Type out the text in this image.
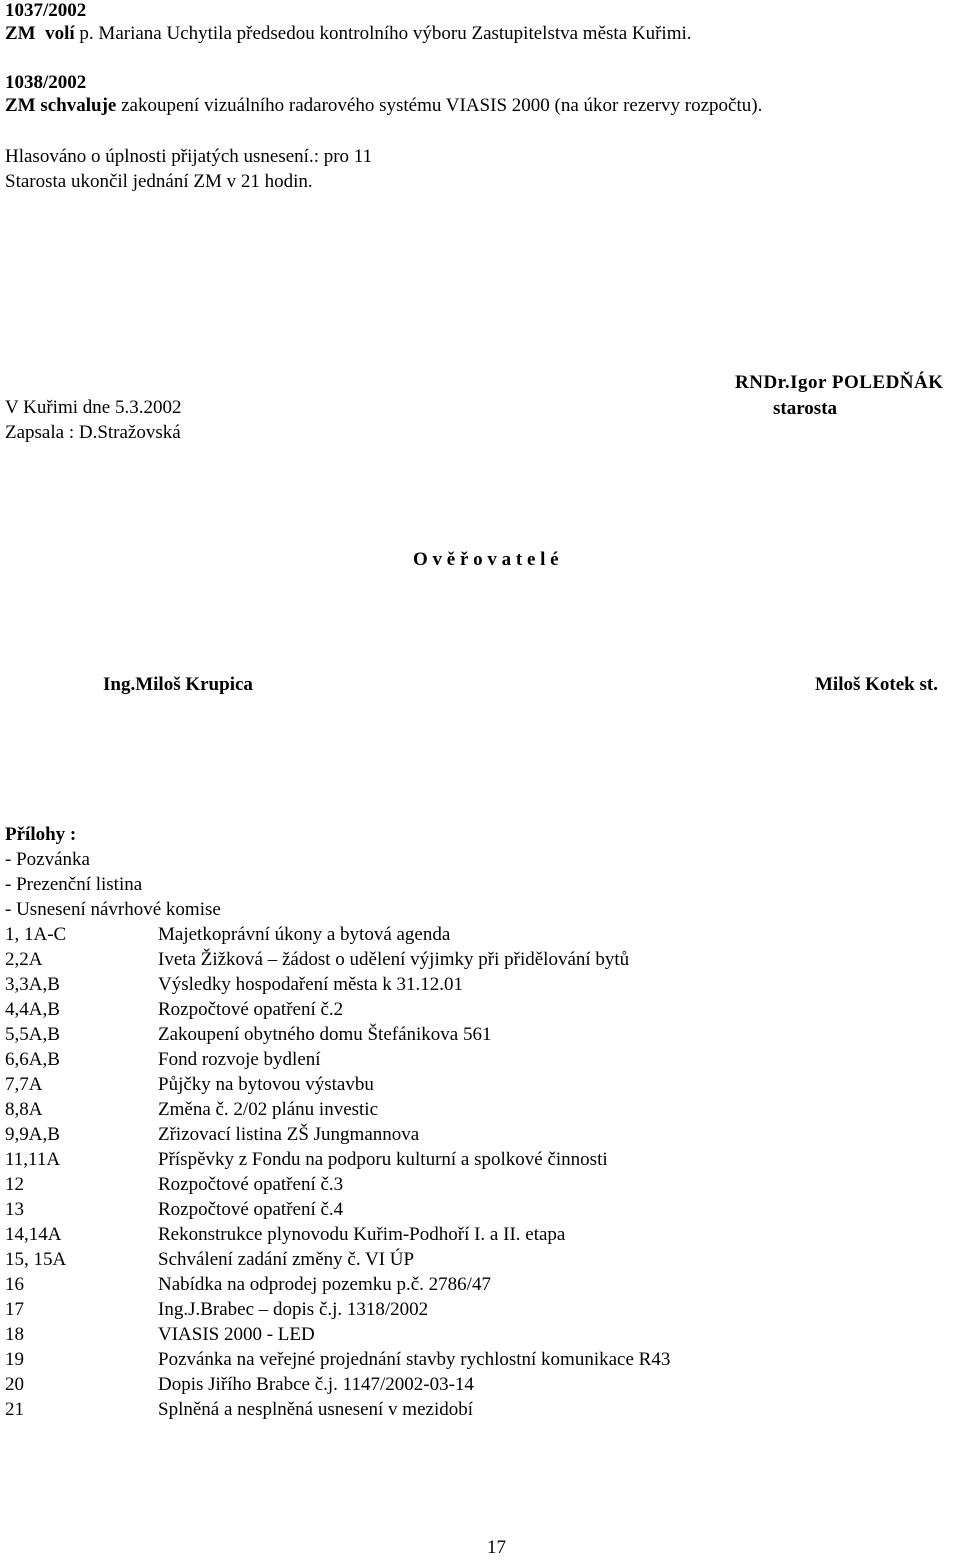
1037/2002
ZM volí p. Mariana Uchytila předsedou kontrolního výboru Zastupitelstva města Kuřimi.
1038/2002
ZM schvaluje zakoupení vizuálního radarového systému VIASIS 2000 (na úkor rezervy rozpočtu).
Hlasováno o úplnosti přijatých usnesení.: pro 11
Starosta ukončil jednání ZM v 21 hodin.
V Kuřimi dne 5.3.2002
Zapsala : D.Stražovská
RNDr.Igor POLEDŇÁK
starosta
O v ě ř o v a t e l é
Ing.Miloš Krupica	Miloš Kotek st.
Přílohy :
- Pozvánka
- Prezenční listina
- Usnesení návrhové komise
1, 1A-C	Majetkoprávní úkony a bytová agenda
2,2A	Iveta Žižková – žádost o udělení výjimky při přidělování bytů
3,3A,B	Výsledky hospodaření města k 31.12.01
4,4A,B	Rozpočtové opatření č.2
5,5A,B	Zakoupení obytného domu Štefánikova 561
6,6A,B	Fond rozvoje bydlení
7,7A	Půjčky na bytovou výstavbu
8,8A	Změna č. 2/02 plánu investic
9,9A,B	Zřizovací listina ZŠ Jungmannova
11,11A	Příspěvky z Fondu na podporu kulturní a spolkové činnosti
12	Rozpočtové opatření č.3
13	Rozpočtové opatření č.4
14,14A	Rekonstrukce plynovodu Kuřim-Podhoří I. a II. etapa
15, 15A	Schválení zadání změny č. VI ÚP
16	Nabídka na odprodej pozemku p.č. 2786/47
17	Ing.J.Brabec – dopis č.j. 1318/2002
18	VIASIS 2000 - LED
19	Pozvánka na veřejné projednání stavby rychlostní komunikace R43
20	Dopis Jiřího Brabce č.j. 1147/2002-03-14
21	Splněná a nesplněná usnesení v mezidobí
17
